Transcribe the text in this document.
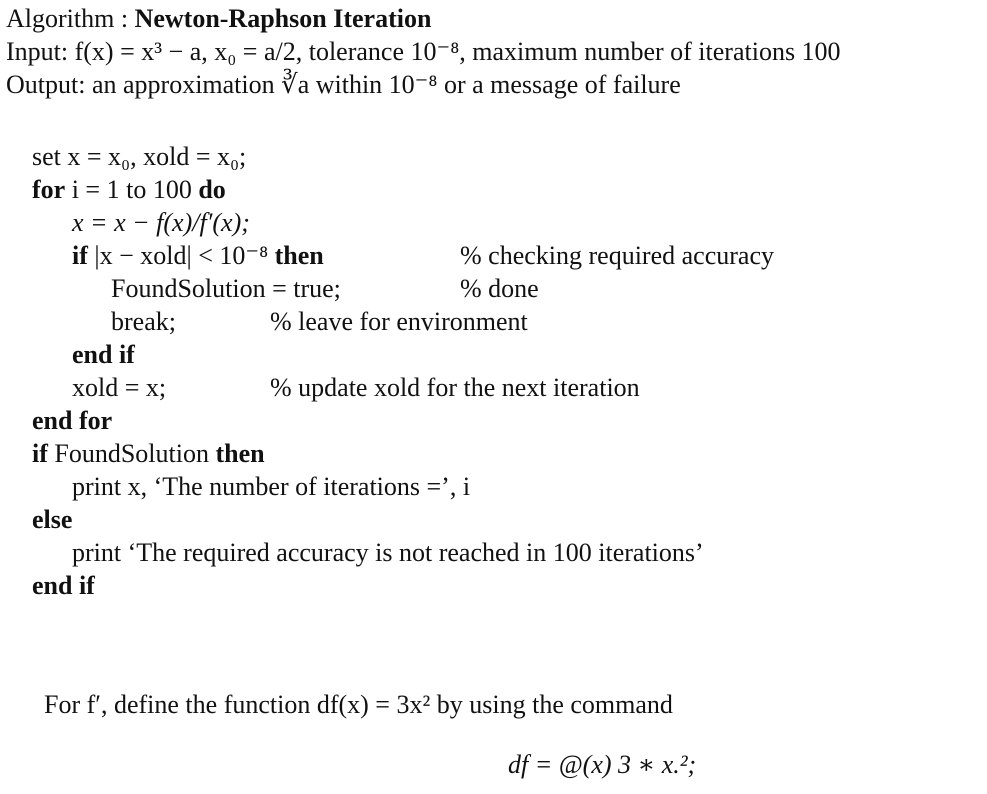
Algorithm : Newton-Raphson Iteration
Input: f(x) = x³ − a, x₀ = a/2, tolerance 10⁻⁸, maximum number of iterations 100
Output: an approximation ∛a within 10⁻⁸ or a message of failure
set x = x₀, xold = x₀;
for i = 1 to 100 do
x = x − f(x)/f′(x);
if |x − xold| < 10⁻⁸ then	% checking required accuracy
FoundSolution = true;	% done
break;	% leave for environment
end if
xold = x;	% update xold for the next iteration
end for
if FoundSolution then
print x, ‘The number of iterations =’, i
else
print ‘The required accuracy is not reached in 100 iterations’
end if
For f′, define the function df(x) = 3x² by using the command
df = @(x) 3 ∗ x.²;
